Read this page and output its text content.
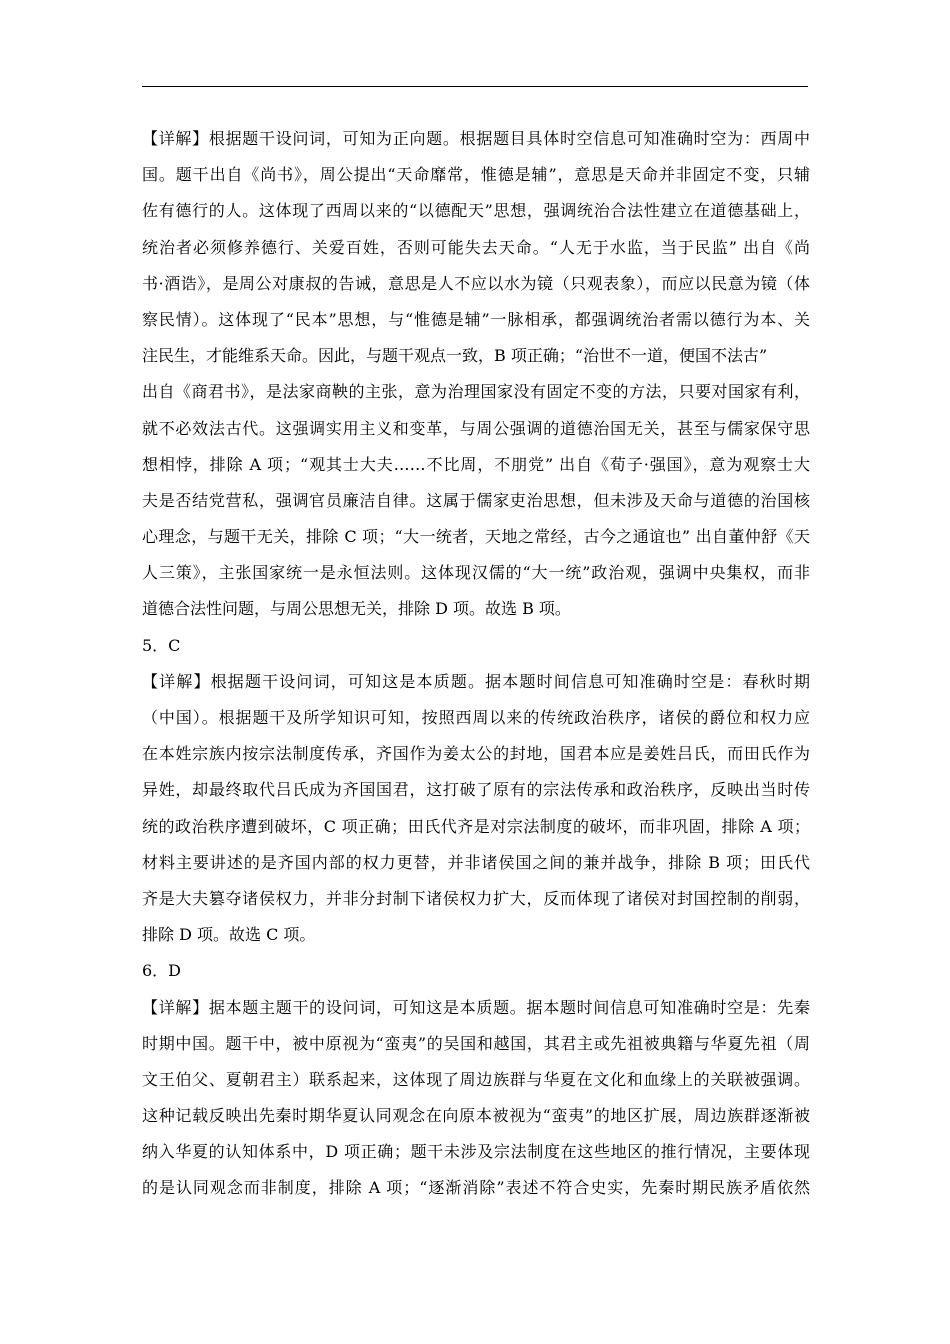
【详解】根据题干设问词，可知为正向题。根据题目具体时空信息可知准确时空为：西周中
国。题干出自《尚书》，周公提出“天命靡常，惟德是辅”，意思是天命并非固定不变，只辅
佐有德行的人。这体现了西周以来的“以德配天”思想，强调统治合法性建立在道德基础上，
统治者必须修养德行、关爱百姓，否则可能失去天命。“人无于水监，当于民监” 出自《尚
书·酒诰》，是周公对康叔的告诫，意思是人不应以水为镜（只观表象），而应以民意为镜（体
察民情）。这体现了“民本”思想，与“惟德是辅”一脉相承，都强调统治者需以德行为本、关
注民生，才能维系天命。因此，与题干观点一致，B 项正确；“治世不一道，便国不法古”
出自《商君书》，是法家商鞅的主张，意为治理国家没有固定不变的方法，只要对国家有利，
就不必效法古代。这强调实用主义和变革，与周公强调的道德治国无关，甚至与儒家保守思
想相悖，排除 A 项；“观其士大夫……不比周，不朋党” 出自《荀子·强国》，意为观察士大
夫是否结党营私，强调官员廉洁自律。这属于儒家吏治思想，但未涉及天命与道德的治国核
心理念，与题干无关，排除 C 项；“大一统者，天地之常经，古今之通谊也” 出自董仲舒《天
人三策》，主张国家统一是永恒法则。这体现汉儒的“大一统”政治观，强调中央集权，而非
道德合法性问题，与周公思想无关，排除 D 项。故选 B 项。
5．C
【详解】根据题干设问词，可知这是本质题。据本题时间信息可知准确时空是：春秋时期
（中国）。根据题干及所学知识可知，按照西周以来的传统政治秩序，诸侯的爵位和权力应
在本姓宗族内按宗法制度传承，齐国作为姜太公的封地，国君本应是姜姓吕氏，而田氏作为
异姓，却最终取代吕氏成为齐国国君，这打破了原有的宗法传承和政治秩序，反映出当时传
统的政治秩序遭到破坏，C 项正确；田氏代齐是对宗法制度的破坏，而非巩固，排除 A 项；
材料主要讲述的是齐国内部的权力更替，并非诸侯国之间的兼并战争，排除 B 项；田氏代
齐是大夫篡夺诸侯权力，并非分封制下诸侯权力扩大，反而体现了诸侯对封国控制的削弱，
排除 D 项。故选 C 项。
6．D
【详解】据本题主题干的设问词，可知这是本质题。据本题时间信息可知准确时空是：先秦
时期中国。题干中，被中原视为“蛮夷”的吴国和越国，其君主或先祖被典籍与华夏先祖（周
文王伯父、夏朝君主）联系起来，这体现了周边族群与华夏在文化和血缘上的关联被强调。
这种记载反映出先秦时期华夏认同观念在向原本被视为“蛮夷”的地区扩展，周边族群逐渐被
纳入华夏的认知体系中，D 项正确；题干未涉及宗法制度在这些地区的推行情况，主要体现
的是认同观念而非制度，排除 A 项；“逐渐消除”表述不符合史实，先秦时期民族矛盾依然
